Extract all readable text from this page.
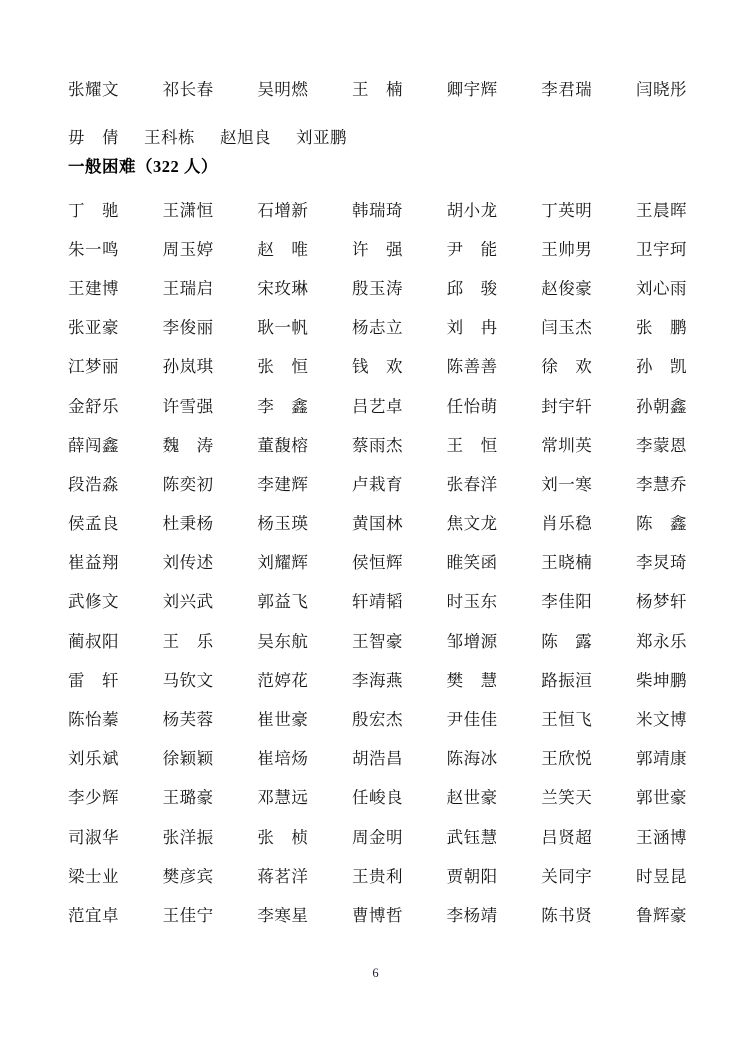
张耀文	祁长春	吴明燃	王　楠	卿宇辉	李君瑞	闫晓彤
毋　倩 王科栋 赵旭良 刘亚鹏
一般困难（322 人）
丁　驰	王潇恒	石增新	韩瑞琦	胡小龙	丁英明	王晨晖
朱一鸣	周玉婷	赵　唯	许　强	尹　能	王帅男	卫宇珂
王建博	王瑞启	宋玫琳	殷玉涛	邱　骏	赵俊豪	刘心雨
张亚豪	李俊丽	耿一帆	杨志立	刘　冉	闫玉杰	张　鹏
江梦丽	孙岚琪	张　恒	钱　欢	陈善善	徐　欢	孙　凯
金舒乐	许雪强	李　鑫	吕艺卓	任怡萌	封宇轩	孙朝鑫
薛闯鑫	魏　涛	董馥榕	蔡雨杰	王　恒	常圳英	李蒙恩
段浩淼	陈奕初	李建辉	卢栽育	张春洋	刘一寒	李慧乔
侯孟良	杜秉杨	杨玉瑛	黄国林	焦文龙	肖乐稳	陈　鑫
崔益翔	刘传述	刘耀辉	侯恒辉	睢笑函	王晓楠	李炅琦
武修文	刘兴武	郭益飞	轩靖韬	时玉东	李佳阳	杨梦轩
蔺叔阳	王　乐	吴东航	王智豪	邹增源	陈　露	郑永乐
雷　轩	马钦文	范婷花	李海燕	樊　慧	路振洹	柴坤鹏
陈怡蓁	杨芙蓉	崔世豪	殷宏杰	尹佳佳	王恒飞	米文博
刘乐斌	徐颖颖	崔培炀	胡浩昌	陈海冰	王欣悦	郭靖康
李少辉	王璐豪	邓慧远	任峻良	赵世豪	兰笑天	郭世豪
司淑华	张洋振	张　桢	周金明	武钰慧	吕贤超	王涵博
梁士业	樊彦宾	蒋茗洋	王贵利	贾朝阳	关同宇	时昱昆
范宜卓	王佳宁	李寒星	曹博哲	李杨靖	陈书贤	鲁辉豪
6
